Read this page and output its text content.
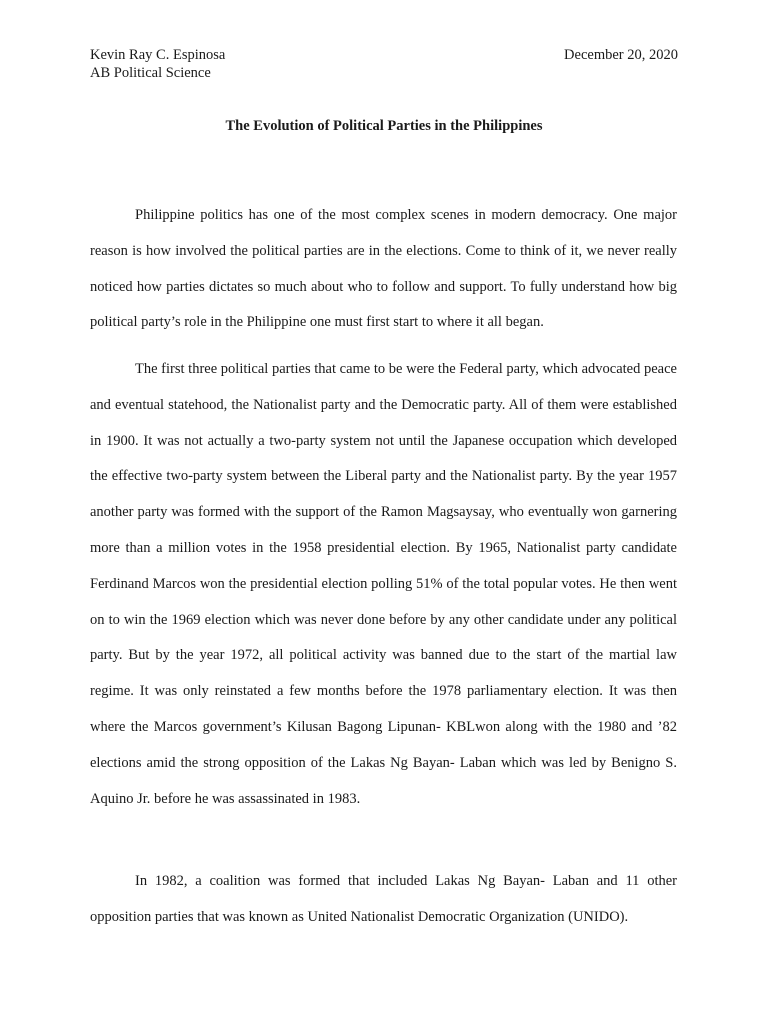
Kevin Ray C. Espinosa	December 20, 2020
AB Political Science
The Evolution of Political Parties in the Philippines

Philippine politics has one of the most complex scenes in modern democracy. One major reason is how involved the political parties are in the elections. Come to think of it, we never really noticed how parties dictates so much about who to follow and support. To fully understand how big political party’s role in the Philippine one must first start to where it all began.

The first three political parties that came to be were the Federal party, which advocated peace and eventual statehood, the Nationalist party and the Democratic party. All of them were established in 1900. It was not actually a two-party system not until the Japanese occupation which developed the effective two-party system between the Liberal party and the Nationalist party. By the year 1957 another party was formed with the support of the Ramon Magsaysay, who eventually won garnering more than a million votes in the 1958 presidential election. By 1965, Nationalist party candidate Ferdinand Marcos won the presidential election polling 51% of the total popular votes. He then went on to win the 1969 election which was never done before by any other candidate under any political party. But by the year 1972, all political activity was banned due to the start of the martial law regime. It was only reinstated a few months before the 1978 parliamentary election. It was then where the Marcos government’s Kilusan Bagong Lipunan- KBLwon along with the 1980 and ’82 elections amid the strong opposition of the Lakas Ng Bayan- Laban which was led by Benigno S. Aquino Jr. before he was assassinated in 1983.

In 1982, a coalition was formed that included Lakas Ng Bayan- Laban and 11 other opposition parties that was known as United Nationalist Democratic Organization (UNIDO).
